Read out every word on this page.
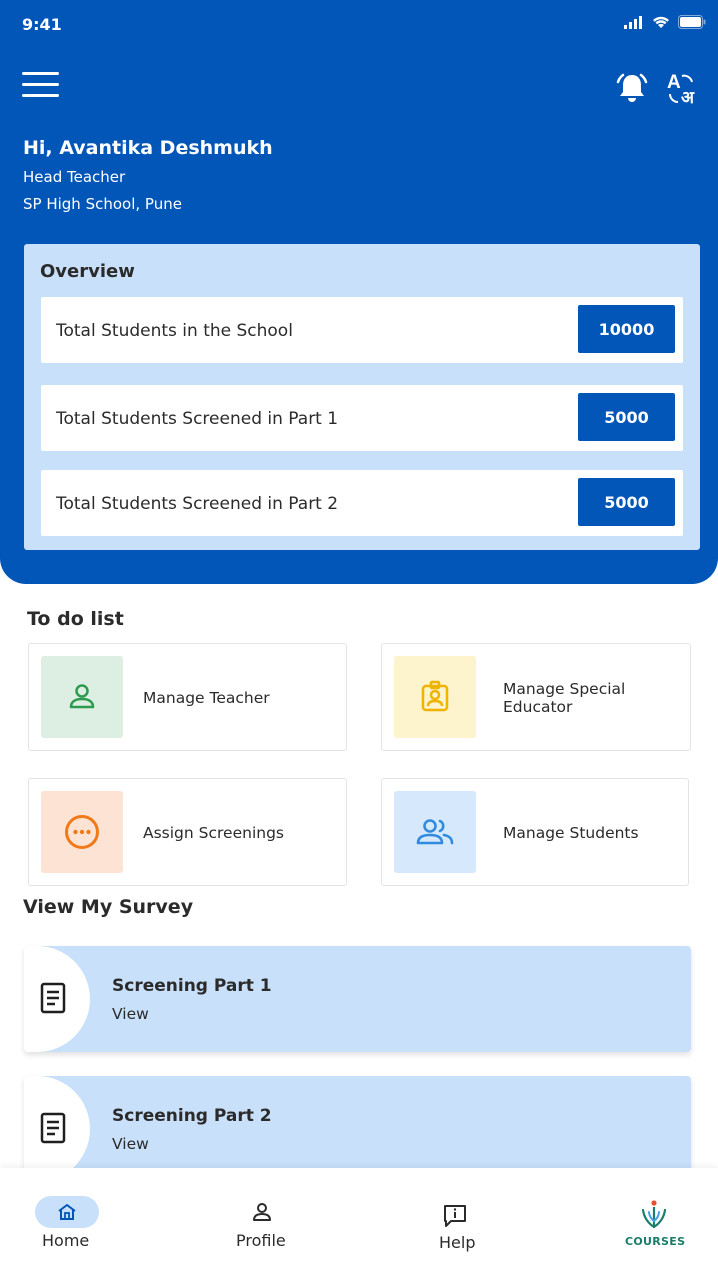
9:41
A
अ
Hi, Avantika Deshmukh
Head Teacher
SP High School, Pune
Overview
Total Students in the School	10000
Total Students Screened in Part 1	5000
Total Students Screened in Part 2	5000
To do list
Manage Teacher	Manage Special Educator
Assign Screenings	Manage Students
View My Survey
Screening Part 1
View
Screening Part 2
View
Home	Profile	Help	COURSES
